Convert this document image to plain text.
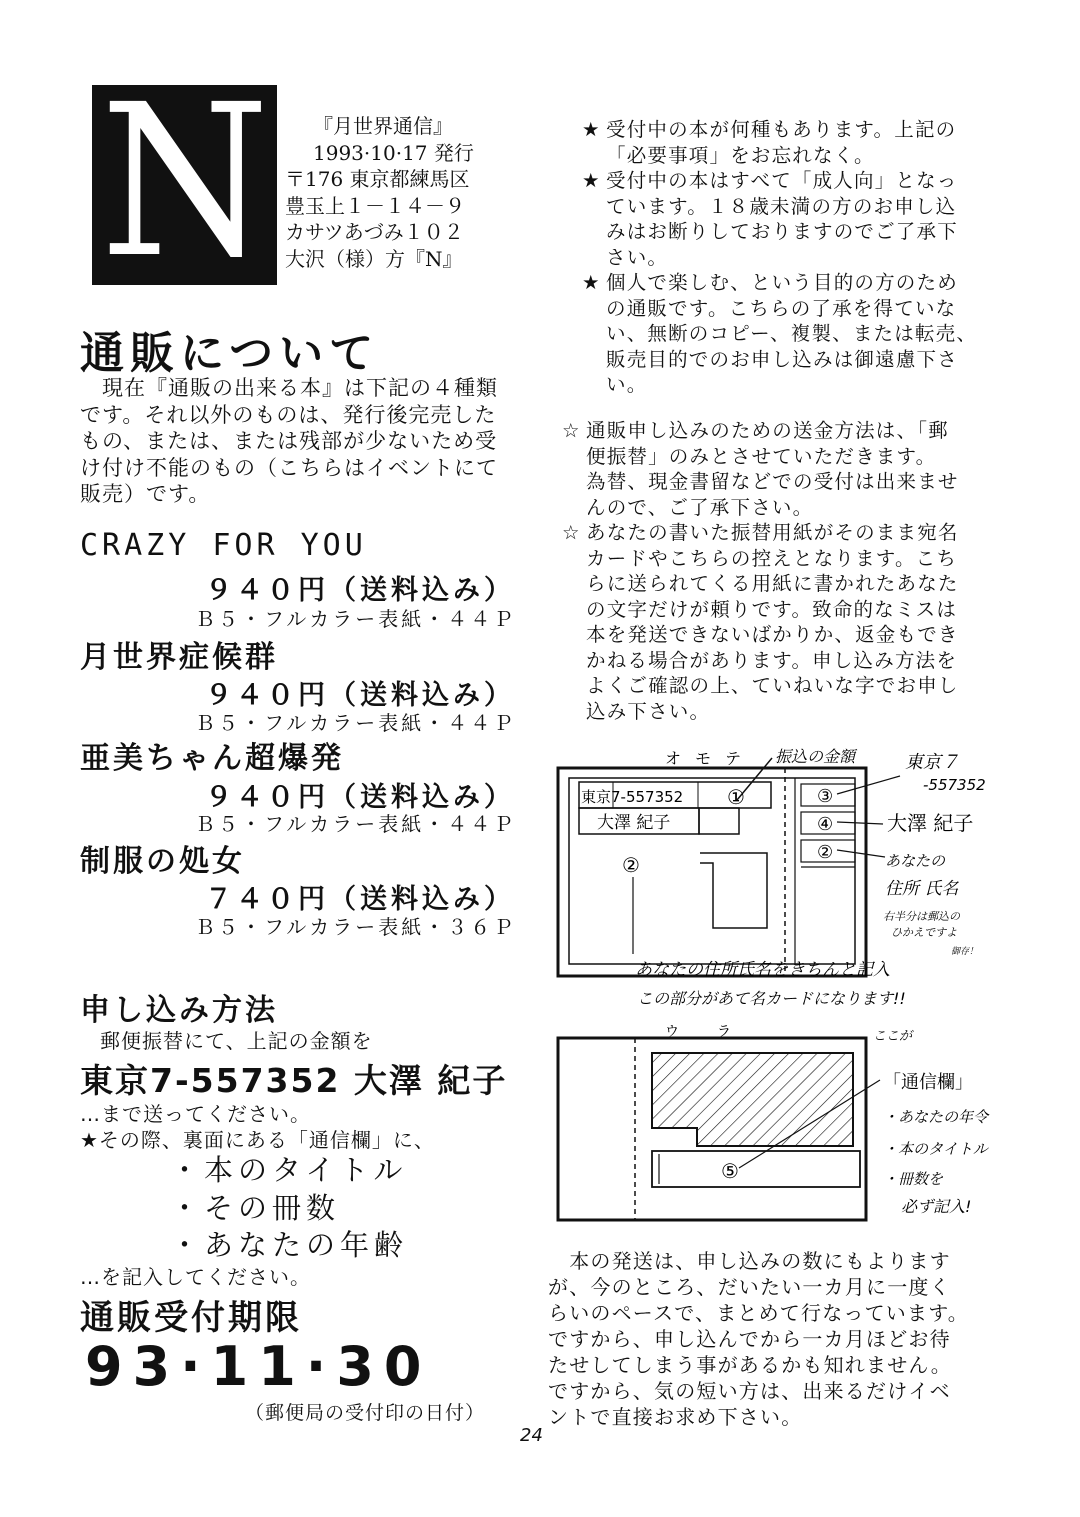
N	『月世界通信』
1993·10·17 発行
〒176 東京都練馬区
豊玉上１－１４－９
カサツあづみ１０２
大沢（様）方『N』
通販について

　現在『通販の出来る本』は下記の４種類

です。それ以外のものは、発行後完売した

もの、または、または残部が少ないため受

け付け不能のもの（こちらはイベントにて

販売）です。

CRAZY FOR YOU
９４０円（送料込み）
Ｂ５・フルカラー表紙・４４Ｐ
月世界症候群
９４０円（送料込み）
Ｂ５・フルカラー表紙・４４Ｐ
亜美ちゃん超爆発
９４０円（送料込み）
Ｂ５・フルカラー表紙・４４Ｐ
制服の処女
７４０円（送料込み）
Ｂ５・フルカラー表紙・３６Ｐ
申し込み方法
郵便振替にて、上記の金額を
東京7-557352 大澤 紀子
…まで送ってください。
★その際、裏面にある「通信欄」に、
・本のタイトル
・その冊数
・あなたの年齢
…を記入してください。
通販受付期限
93·11·30
（郵便局の受付印の日付）
★ 受付中の本が何種もあります。上記の
「必要事項」をお忘れなく。
★ 受付中の本はすべて「成人向」となっ
ています。１８歳未満の方のお申し込
みはお断りしておりますのでご了承下
さい。
★ 個人で楽しむ、という目的の方のため
の通販です。こちらの了承を得ていな
い、無断のコピー、複製、または転売、
販売目的でのお申し込みは御遠慮下さ
い。
☆ 通販申し込みのための送金方法は、「郵
便振替」のみとさせていただきます。
為替、現金書留などでの受付は出来ませ
んので、ご了承下さい。
☆ あなたの書いた振替用紙がそのまま宛名
カードやこちらの控えとなります。こち
らに送られてくる用紙に書かれたあなた
の文字だけが頼りです。致命的なミスは
本を発送できないばかりか、返金もでき
かねる場合があります。申し込み方法を
よくご確認の上、ていねいな字でお申し
込み下さい。
オモテ 振込の金額
東京7-557352 ①
大澤 紀子
②
③
④
②
東京７
-557352
大澤 紀子
あなたの
住所 氏名
右半分は郵込の
ひかえですよ
御存！
あなたの住所氏名をきちんと記入
この部分があて名カードになります!!
ウラ
⑤
ここが
「通信欄」
・あなたの年令
・本のタイトル
・冊数を
必ず記入!
　本の発送は、申し込みの数にもよります
が、今のところ、だいたい一カ月に一度く
らいのペースで、まとめて行なっています。
ですから、申し込んでから一カ月ほどお待
たせしてしまう事があるかも知れません。
ですから、気の短い方は、出来るだけイベ
ントで直接お求め下さい。
24
